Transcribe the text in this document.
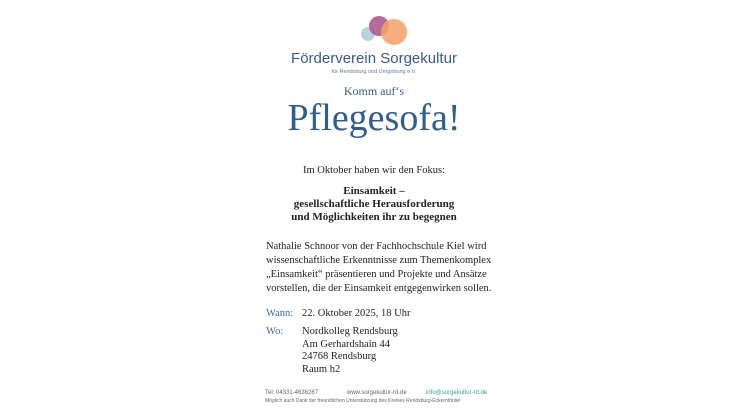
Förderverein Sorgekultur
für Rendsburg und Umgebung e.V.
Komm auf‘s
Pflegesofa!
Im Oktober haben wir den Fokus:
Einsamkeit –
gesellschaftliche Herausforderung
und Möglichkeiten ihr zu begegnen
Nathalie Schnoor von der Fachhochschule Kiel wird
wissenschaftliche Erkenntnisse zum Themenkomplex
„Einsamkeit“ präsentieren und Projekte und Ansätze
vorstellen, die der Einsamkeit entgegenwirken sollen.
Wann: 22. Oktober 2025, 18 Uhr
Wo: Nordkolleg Rendsburg
Am Gerhardshain 44
24768 Rendsburg
Raum h2
Tel: 04331-4636267	www.sorgekultur-rd.de	info@sorgekultur-rd.de
Möglich auch Dank der freundlichen Unterstützung des Kreises Rendsburg-Eckernförde!
